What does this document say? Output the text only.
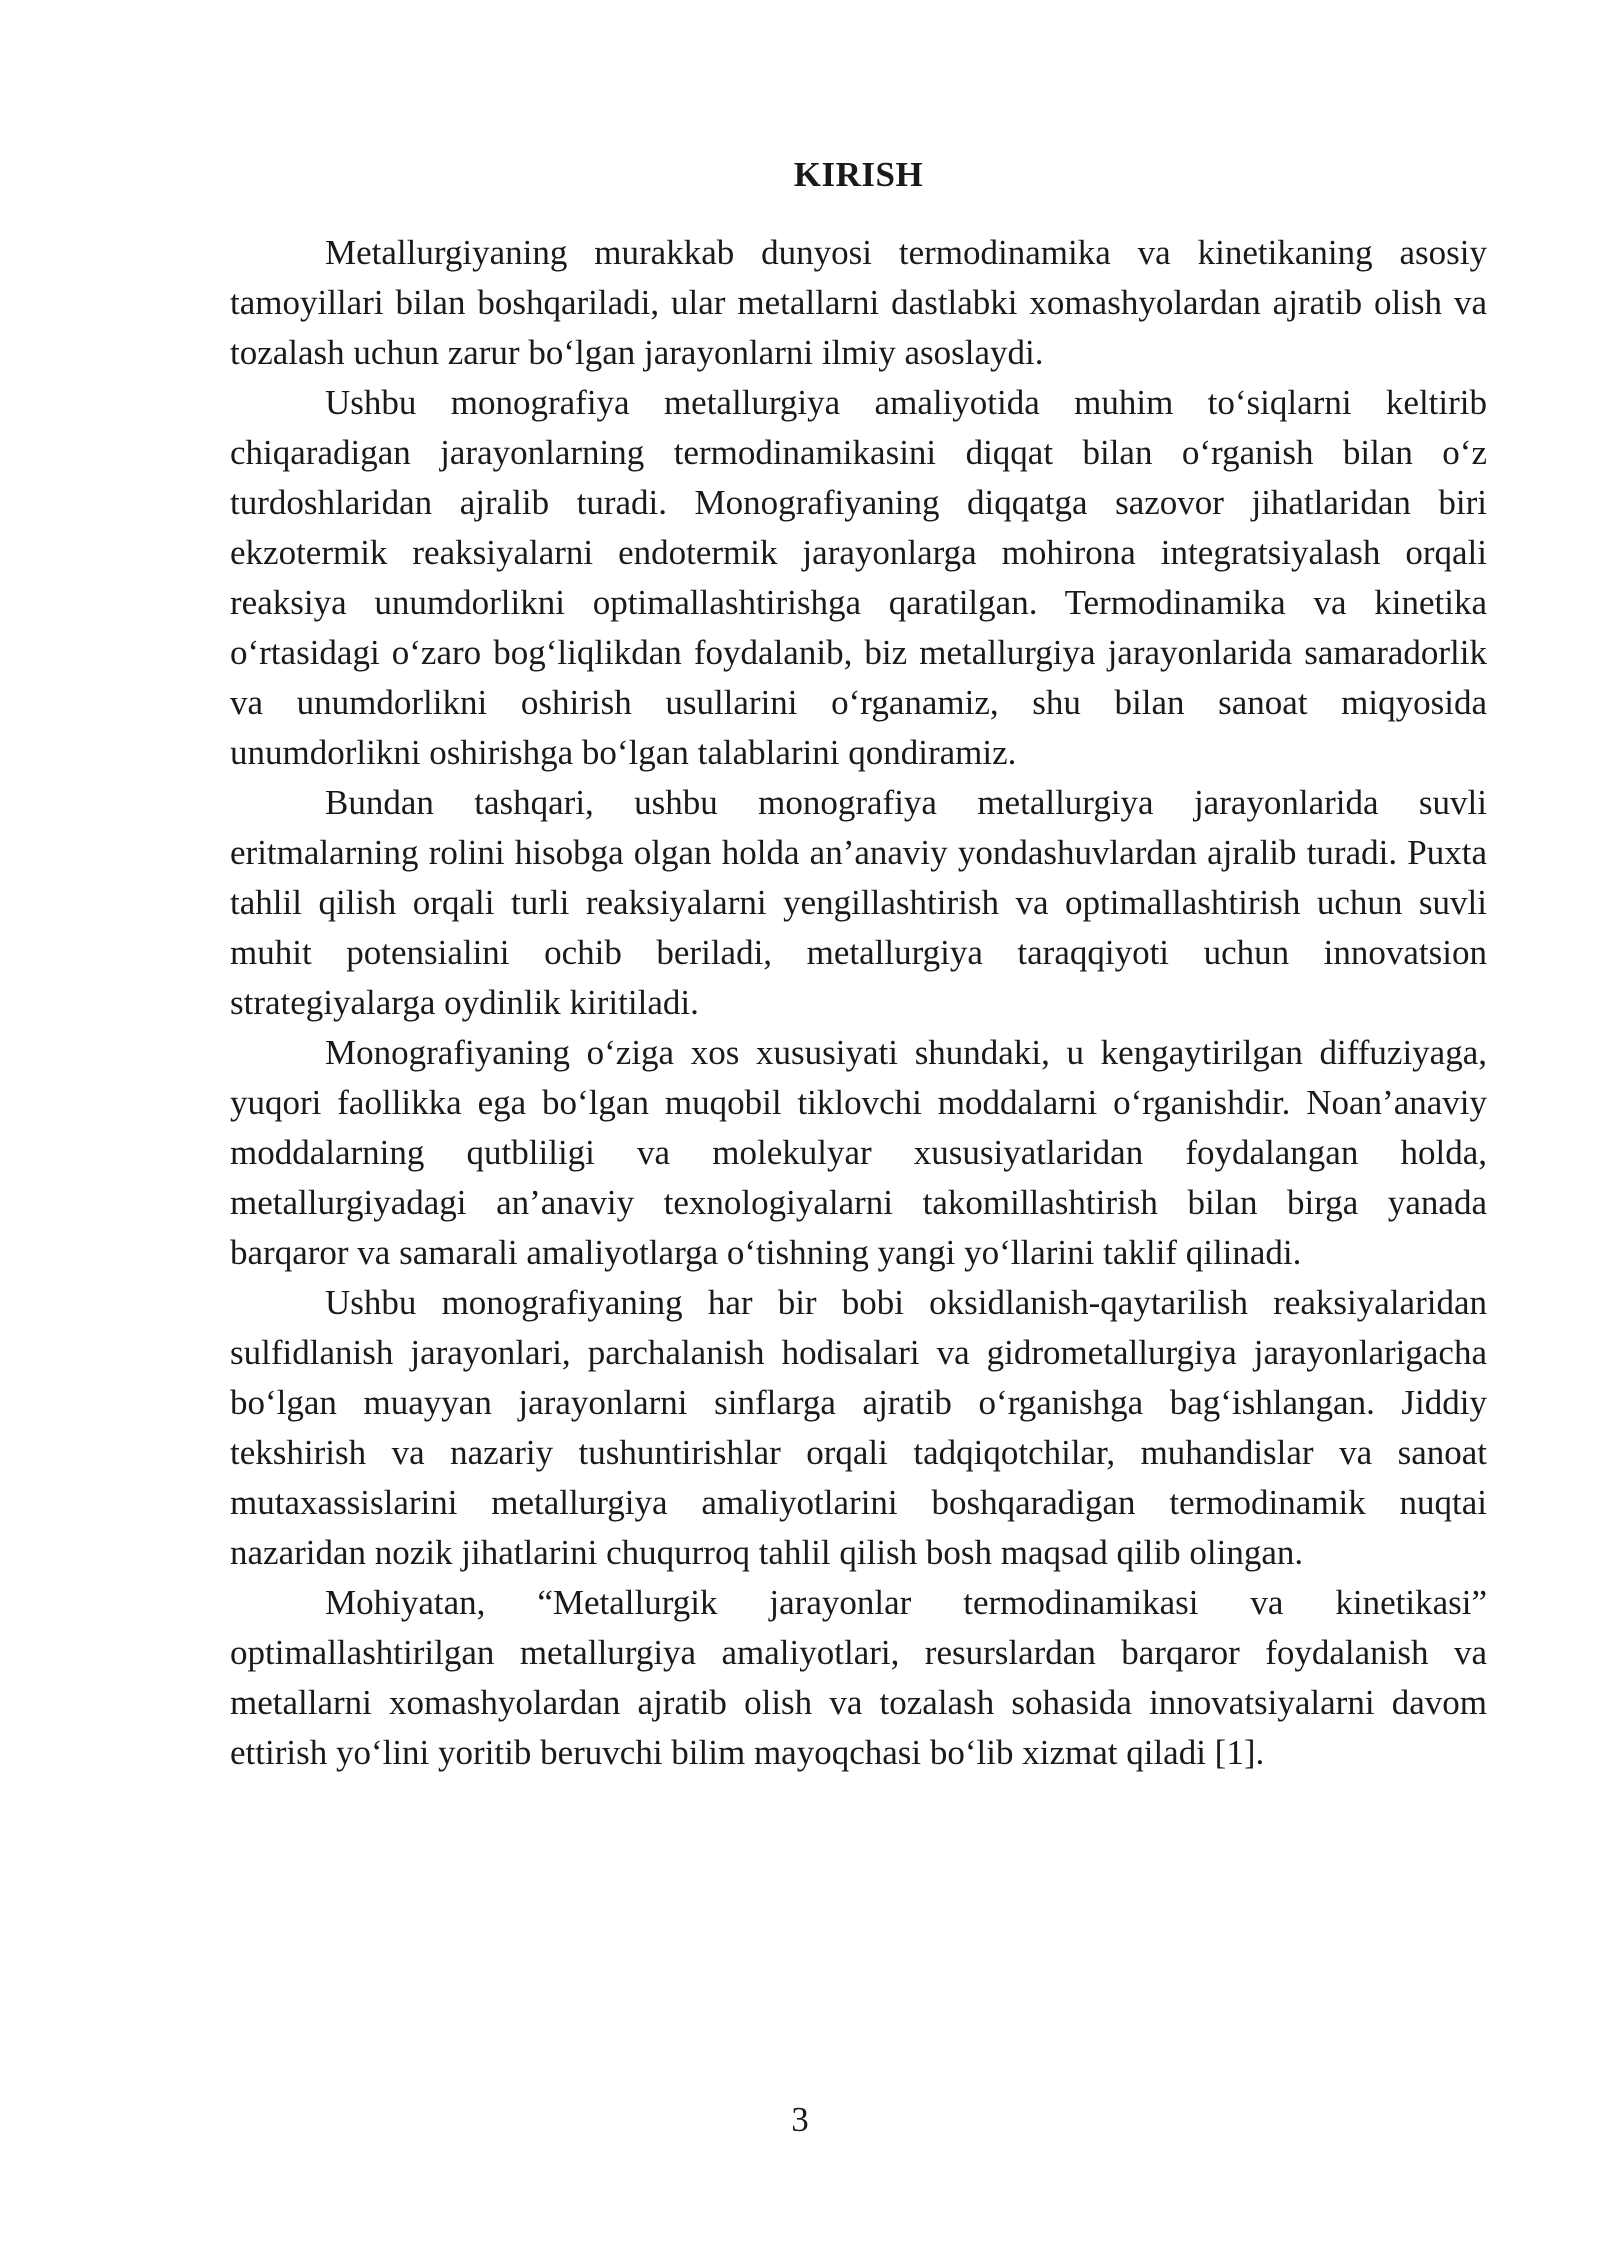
KIRISH

Metallurgiyaning murakkab dunyosi termodinamika va kinetikaning asosiy tamoyillari bilan boshqariladi, ular metallarni dastlabki xomashyolardan ajratib olish va tozalash uchun zarur bo‘lgan jarayonlarni ilmiy asoslaydi.

Ushbu monografiya metallurgiya amaliyotida muhim to‘siqlarni keltirib chiqaradigan jarayonlarning termodinamikasini diqqat bilan o‘rganish bilan o‘z turdoshlaridan ajralib turadi. Monografiyaning diqqatga sazovor jihatlaridan biri ekzotermik reaksiyalarni endotermik jarayonlarga mohirona integratsiyalash orqali reaksiya unumdorlikni optimallashtirishga qaratilgan. Termodinamika va kinetika o‘rtasidagi o‘zaro bog‘liqlikdan foydalanib, biz metallurgiya jarayonlarida samaradorlik va unumdorlikni oshirish usullarini o‘rganamiz, shu bilan sanoat miqyosida unumdorlikni oshirishga bo‘lgan talablarini qondiramiz.

Bundan tashqari, ushbu monografiya metallurgiya jarayonlarida suvli eritmalarning rolini hisobga olgan holda an’anaviy yondashuvlardan ajralib turadi. Puxta tahlil qilish orqali turli reaksiyalarni yengillashtirish va optimallashtirish uchun suvli muhit potensialini ochib beriladi, metallurgiya taraqqiyoti uchun innovatsion strategiyalarga oydinlik kiritiladi.

Monografiyaning o‘ziga xos xususiyati shundaki, u kengaytirilgan diffuziyaga, yuqori faollikka ega bo‘lgan muqobil tiklovchi moddalarni o‘rganishdir. Noan’anaviy moddalarning qutbliligi va molekulyar xususiyatlaridan foydalangan holda, metallurgiyadagi an’anaviy texnologiyalarni takomillashtirish bilan birga yanada barqaror va samarali amaliyotlarga o‘tishning yangi yo‘llarini taklif qilinadi.

Ushbu monografiyaning har bir bobi oksidlanish-qaytarilish reaksiyalaridan sulfidlanish jarayonlari, parchalanish hodisalari va gidrometallurgiya jarayonlarigacha bo‘lgan muayyan jarayonlarni sinflarga ajratib o‘rganishga bag‘ishlangan. Jiddiy tekshirish va nazariy tushuntirishlar orqali tadqiqotchilar, muhandislar va sanoat mutaxassislarini metallurgiya amaliyotlarini boshqaradigan termodinamik nuqtai nazaridan nozik jihatlarini chuqurroq tahlil qilish bosh maqsad qilib olingan.

Mohiyatan, “Metallurgik jarayonlar termodinamikasi va kinetikasi” optimallashtirilgan metallurgiya amaliyotlari, resurslardan barqaror foydalanish va metallarni xomashyolardan ajratib olish va tozalash sohasida innovatsiyalarni davom ettirish yo‘lini yoritib beruvchi bilim mayoqchasi bo‘lib xizmat qiladi [1].

3
